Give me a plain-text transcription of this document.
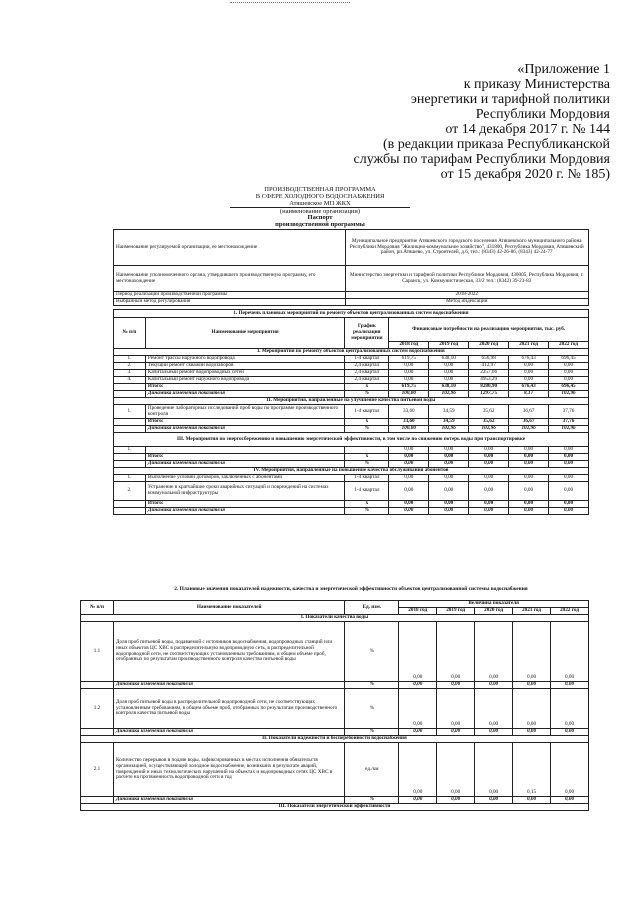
«Приложение 1
к приказу Министерства
энергетики и тарифной политики
Республики Мордовия
от 14 декабря 2017 г. № 144
(в редакции приказа Республиканской
службы по тарифам Республики Мордовия
от 15 декабря 2020 г. № 185)
ПРОИЗВОДСТВЕННАЯ ПРОГРАММА
В СФЕРЕ ХОЛОДНОГО ВОДОСНАБЖЕНИЯ
Атяшевское МП ЖКХ
(наименование организации)
Паспорт
производственной программы
Наименование регулируемой организации, ее местонахождение	Муниципальное предприятие Атяшевского городского поселения Атяшевского муниципального района Республики Мордовия "Жилищно-коммунальное хозяйство", 431800, Республика Мордовия, Атяшевский район, рп.Атяшево, ул. Строителей, д.6, тел.: (8343) 42-26-86, (8343) 42-24-77
Наименование уполномоченного органа, утвердившего производственную программу, его местонахождение	Министерство энергетики и тарифной политики Республики Мордовия, 430005, Республика Мордовия, г. Саранск, ул. Коммунистическая, 33/2 тел.: (8342) 39-23-83
Период реализации производственной программы	2018-2022
Выбранный метод регулирования	Метод индексации
1. Перечень плановых мероприятий по ремонту объектов централизованных систем водоснабжения							
№ п/п	Наименование мероприятия	График реализации мероприятия	Финансовые потребности на реализацию мероприятия, тыс. руб.				
			2018 год	2019 год	2020 год	2021 год	2022 год
I. Мероприятия по ремонту объектов централизованных систем водоснабжения							
1.	Ремонт трассы наружного водопровода	1-4 квартал	619,75	638,10	656,98	676,43	696,45
2.	Текущий ремонт скважин водозаборов	2,4 квартал	0,00	0,00	412,97	0,00	0,00
3.	Капитальный ремонт водопроводных сетей	2,4 квартал	0,00	0,00	2257,66	0,00	0,00
4.	Капитальный ремонт наружного водопровода	2,4 квартал	0,00	0,00	4953,29	0,00	0,00
	Итого:	х	619,75	638,10	8280,90	676,43	696,45
	Динамика изменения показателя	%	100,00	102,96	1297,75	8,17	102,96
II. Мероприятия, направленные на улучшение качества питьевой воды							
1.	Проведение лабораторных исследований проб воды по программе производственного контроля	1-4 квартал	33,60	34,59	35,62	36,67	37,76
	Итого:	х	33,60	34,59	35,62	36,67	37,76
	Динамика изменения показателя	%	100,00	102,96	102,96	102,96	102,96
III. Мероприятия по энергосбережению и повышению энергетической эффективности, в том числе по снижению потерь воды при транспортировке							
1.			0,00	0,00	0,00	0,00	0,00
	Итого:	х	0,00	0,00	0,00	0,00	0,00
	Динамика изменения показателя	%	0,00	0,00	0,00	0,00	0,00
IV. Мероприятия, направленные на повышение качества обслуживания абонентов							
1.	Выполнение условий договоров, заключенных с абонентами	1-4 квартал	0,00	0,00	0,00	0,00	0,00
2.	Устранение в кратчайшие сроки аварийных ситуаций и повреждений на системах коммунальной инфраструктуры	1-4 квартал	0,00	0,00	0,00	0,00	0,00
	Итого:	х	0,00	0,00	0,00	0,00	0,00
	Динамика изменения показателя	%	0,00	0,00	0,00	0,00	0,00
2. Плановые значения показателей надежности, качества и энергетической эффективности объектов централизованной системы водоснабжения
№ п/п	Наименование показателей	Ед. изм.	Величина показателя				
			2018 год	2019 год	2020 год	2021 год	2022 год
I. Показатели качества воды							
1.1	Доля проб питьевой воды, подаваемой с источников водоснабжения, водопроводных станций или иных объектов ЦС ХВС в распределительную водопроводную сеть, в распределительной водопроводной сети, не соответствующих установленным требованиям, в общем объеме проб, отобранных по результатам производственного контроля качества питьевой воды	%	0,00	0,00	0,00	0,00	0,00
	Динамика изменения показателя	%	0,00	0,00	0,00	0,00	0,00
1.2	Доля проб питьевой воды в распределительной водопроводной сети, не соответствующих установленным требованиям, в общем объеме проб, отобранных по результатам производственного контроля качества питьевой воды	%	0,00	0,00	0,00	0,00	0,00
	Динамика изменения показателя	%	0,00	0,00	0,00	0,00	0,00
II. Показатели надежности и бесперебойности водоснабжения							
2.1	Количество перерывов в подаче воды, зафиксированных в местах исполнения обязательств организацией, осуществляющей холодное водоснабжение, возникших в результате аварий, повреждений и иных технологических нарушений на объектах и водопроводных сетях ЦС ХВС в расчете на протяженность водопроводной сети в год	ед./км	0,00	0,00	0,00	0,15	0,00
	Динамика изменения показателя	%	0,00	0,00	0,00	0,00	0,00
III. Показатели энергетической эффективности							
